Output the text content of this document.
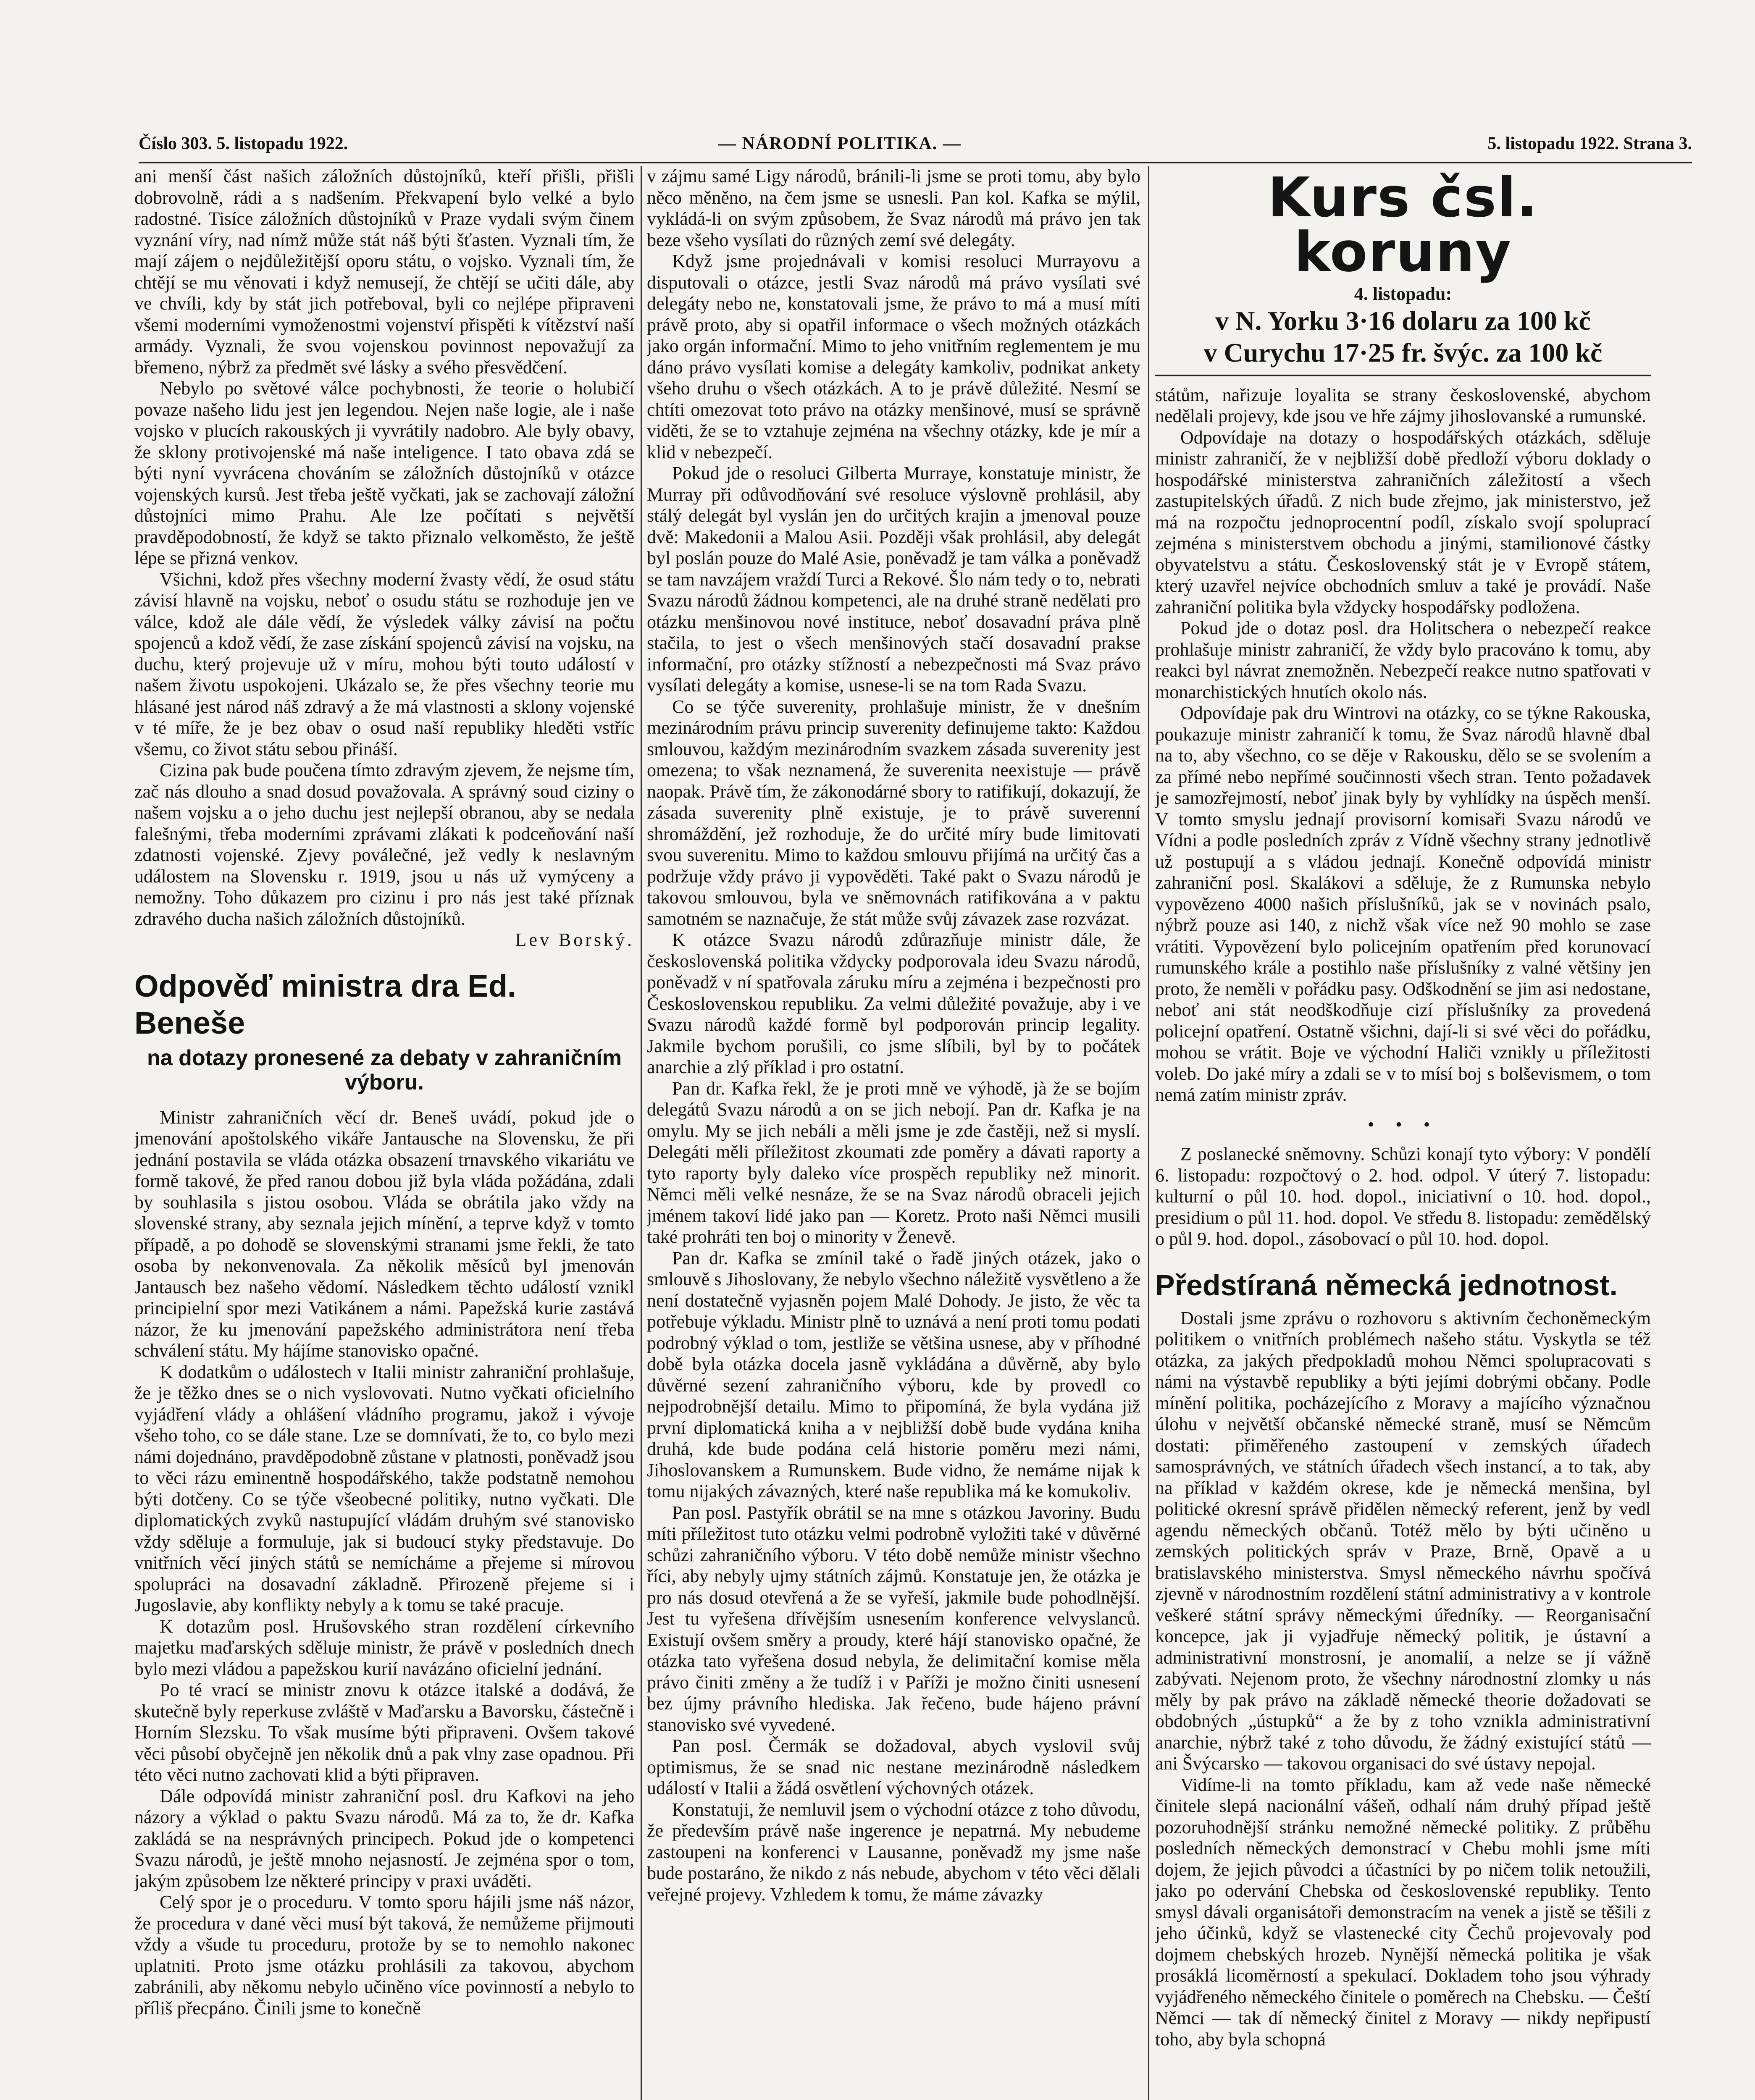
Číslo 303. 5. listopadu 1922.	— NÁRODNÍ POLITIKA. —	5. listopadu 1922. Strana 3.

ani menší část našich záložních důstojníků, kteří přišli, přišli dobrovolně, rádi a s nadšením. Překvapení bylo velké a bylo radostné. Tisíce záložních důstojníků v Praze vydali svým činem vyznání víry, nad nímž může stát náš býti šťasten. Vyznali tím, že mají zájem o nejdůležitější oporu státu, o vojsko. Vyznali tím, že chtějí se mu věnovati i když nemusejí, že chtějí se učiti dále, aby ve chvíli, kdy by stát jich potřeboval, byli co nejlépe připraveni všemi moderními vymoženostmi vojenství přispěti k vítězství naší armády. Vyznali, že svou vojenskou povinnost nepovažují za břemeno, nýbrž za předmět své lásky a svého přesvědčení.

Nebylo po světové válce pochybnosti, že teorie o holubičí povaze našeho lidu jest jen legendou. Nejen naše logie, ale i naše vojsko v plucích rakouských ji vyvrátily nadobro. Ale byly obavy, že sklony protivojenské má naše inteligence. I tato obava zdá se býti nyní vyvrácena chováním se záložních důstojníků v otázce vojenských kursů. Jest třeba ještě vyčkati, jak se zachovají záložní důstojníci mimo Prahu. Ale lze počítati s největší pravděpodobností, že když se takto přiznalo velkoměsto, že ještě lépe se přizná venkov.

Všichni, kdož přes všechny moderní žvasty vědí, že osud státu závisí hlavně na vojsku, neboť o osudu státu se rozhoduje jen ve válce, kdož ale dále vědí, že výsledek války závisí na počtu spojenců a kdož vědí, že zase získání spojenců závisí na vojsku, na duchu, který projevuje už v míru, mohou býti touto událostí v našem životu uspokojeni. Ukázalo se, že přes všechny teorie mu hlásané jest národ náš zdravý a že má vlastnosti a sklony vojenské v té míře, že je bez obav o osud naší republiky hleděti vstříc všemu, co život státu sebou přináší.

Cizina pak bude poučena tímto zdravým zjevem, že nejsme tím, zač nás dlouho a snad dosud považovala. A správný soud ciziny o našem vojsku a o jeho duchu jest nejlepší obranou, aby se nedala falešnými, třeba moderními zprávami zlákati k podceňování naší zdatnosti vojenské. Zjevy poválečné, jež vedly k neslavným událostem na Slovensku r. 1919, jsou u nás už vymýceny a nemožny. Toho důkazem pro cizinu i pro nás jest také příznak zdravého ducha našich záložních důstojníků.

Lev Borský.
Odpověď ministra dra Ed. Beneše
na dotazy pronesené za debaty v zahraničním výboru.

Ministr zahraničních věcí dr. Beneš uvádí, pokud jde o jmenování apoštolského vikáře Jantausche na Slovensku, že při jednání postavila se vláda otázka obsazení trnavského vikariátu ve formě takové, že před ranou dobou již byla vláda požádána, zdali by souhlasila s jistou osobou. Vláda se obrátila jako vždy na slovenské strany, aby seznala jejich mínění, a teprve když v tomto případě, a po dohodě se slovenskými stranami jsme řekli, že tato osoba by nekonvenovala. Za několik měsíců byl jmenován Jantausch bez našeho vědomí. Následkem těchto událostí vznikl principielní spor mezi Vatikánem a námi. Papežská kurie zastává názor, že ku jmenování papežského administrátora není třeba schválení státu. My hájíme stanovisko opačné.

K dodatkům o událostech v Italii ministr zahraniční prohlašuje, že je těžko dnes se o nich vyslovovati. Nutno vyčkati oficielního vyjádření vlády a ohlášení vládního programu, jakož i vývoje všeho toho, co se dále stane. Lze se domnívati, že to, co bylo mezi námi dojednáno, pravděpodobně zůstane v platnosti, poněvadž jsou to věci rázu eminentně hospodářského, takže podstatně nemohou býti dotčeny. Co se týče všeobecné politiky, nutno vyčkati. Dle diplomatických zvyků nastupující vládám druhým své stanovisko vždy sděluje a formuluje, jak si budoucí styky představuje. Do vnitřních věcí jiných států se nemícháme a přejeme si mírovou spolupráci na dosavadní základně. Přirozeně přejeme si i Jugoslavie, aby konflikty nebyly a k tomu se také pracuje.

K dotazům posl. Hrušovského stran rozdělení církevního majetku maďarských sděluje ministr, že právě v posledních dnech bylo mezi vládou a papežskou kurií navázáno oficielní jednání.

Po té vrací se ministr znovu k otázce italské a dodává, že skutečně byly reperkuse zvláště v Maďarsku a Bavorsku, částečně i Horním Slezsku. To však musíme býti připraveni. Ovšem takové věci působí obyčejně jen několik dnů a pak vlny zase opadnou. Při této věci nutno zachovati klid a býti připraven.

Dále odpovídá ministr zahraniční posl. dru Kafkovi na jeho názory a výklad o paktu Svazu národů. Má za to, že dr. Kafka zakládá se na nesprávných principech. Pokud jde o kompetenci Svazu národů, je ještě mnoho nejasností. Je zejména spor o tom, jakým způsobem lze některé principy v praxi uváděti.

Celý spor je o proceduru. V tomto sporu hájili jsme náš názor, že procedura v dané věci musí být taková, že nemůžeme přijmouti vždy a všude tu proceduru, protože by se to nemohlo nakonec uplatniti. Proto jsme otázku prohlásili za takovou, abychom zabránili, aby někomu nebylo učiněno více povinností a nebylo to příliš přecpáno. Činili jsme to konečně

v zájmu samé Ligy národů, bránili-li jsme se proti tomu, aby bylo něco měněno, na čem jsme se usnesli. Pan kol. Kafka se mýlil, vykládá-li on svým způsobem, že Svaz národů má právo jen tak beze všeho vysílati do různých zemí své delegáty.

Když jsme projednávali v komisi resoluci Murrayovu a disputovali o otázce, jestli Svaz národů má právo vysílati své delegáty nebo ne, konstatovali jsme, že právo to má a musí míti právě proto, aby si opatřil informace o všech možných otázkách jako orgán informační. Mimo to jeho vnitřním reglementem je mu dáno právo vysílati komise a delegáty kamkoliv, podnikat ankety všeho druhu o všech otázkách. A to je právě důležité. Nesmí se chtíti omezovat toto právo na otázky menšinové, musí se správně viděti, že se to vztahuje zejména na všechny otázky, kde je mír a klid v nebezpečí.

Pokud jde o resoluci Gilberta Murraye, konstatuje ministr, že Murray při odůvodňování své resoluce výslovně prohlásil, aby stálý delegát byl vyslán jen do určitých krajin a jmenoval pouze dvě: Makedonii a Malou Asii. Později však prohlásil, aby delegát byl poslán pouze do Malé Asie, poněvadž je tam válka a poněvadž se tam navzájem vraždí Turci a Rekové. Šlo nám tedy o to, nebrati Svazu národů žádnou kompetenci, ale na druhé straně nedělati pro otázku menšinovou nové instituce, neboť dosavadní práva plně stačila, to jest o všech menšinových stačí dosavadní prakse informační, pro otázky stížností a nebezpečnosti má Svaz právo vysílati delegáty a komise, usnese-li se na tom Rada Svazu.

Co se týče suverenity, prohlašuje ministr, že v dnešním mezinárodním právu princip suverenity definujeme takto: Každou smlouvou, každým mezinárodním svazkem zásada suverenity jest omezena; to však neznamená, že suverenita neexistuje — právě naopak. Právě tím, že zákonodárné sbory to ratifikují, dokazují, že zásada suverenity plně existuje, je to právě suverenní shromáždění, jež rozhoduje, že do určité míry bude limitovati svou suverenitu. Mimo to každou smlouvu přijímá na určitý čas a podržuje vždy právo ji vypověděti. Také pakt o Svazu národů je takovou smlouvou, byla ve sněmovnách ratifikována a v paktu samotném se naznačuje, že stát může svůj závazek zase rozvázat.

K otázce Svazu národů zdůrazňuje ministr dále, že československá politika vždycky podporovala ideu Svazu národů, poněvadž v ní spatřovala záruku míru a zejména i bezpečnosti pro Československou republiku. Za velmi důležité považuje, aby i ve Svazu národů každé formě byl podporován princip legality. Jakmile bychom porušili, co jsme slíbili, byl by to počátek anarchie a zlý příklad i pro ostatní.

Pan dr. Kafka řekl, že je proti mně ve výhodě, jà že se bojím delegátů Svazu národů a on se jich nebojí. Pan dr. Kafka je na omylu. My se jich nebáli a měli jsme je zde častěji, než si myslí. Delegáti měli příležitost zkoumati zde poměry a dávati raporty a tyto raporty byly daleko více prospěch republiky než minorit. Němci měli velké nesnáze, že se na Svaz národů obraceli jejich jménem takoví lidé jako pan — Koretz. Proto naši Němci musili také prohráti ten boj o minority v Ženevě.

Pan dr. Kafka se zmínil také o řadě jiných otázek, jako o smlouvě s Jihoslovany, že nebylo všechno náležitě vysvětleno a že není dostatečně vyjasněn pojem Malé Dohody. Je jisto, že věc ta potřebuje výkladu. Ministr plně to uznává a není proti tomu podati podrobný výklad o tom, jestliže se většina usnese, aby v příhodné době byla otázka docela jasně vykládána a důvěrně, aby bylo důvěrné sezení zahraničního výboru, kde by provedl co nejpodrobnější detailu. Mimo to připomíná, že byla vydána již první diplomatická kniha a v nejbližší době bude vydána kniha druhá, kde bude podána celá historie poměru mezi námi, Jihoslovanskem a Rumunskem. Bude vidno, že nemáme nijak k tomu nijakých závazných, které naše republika má ke komukoliv.

Pan posl. Pastyřík obrátil se na mne s otázkou Javoriny. Budu míti příležitost tuto otázku velmi podrobně vyložiti také v důvěrné schůzi zahraničního výboru. V této době nemůže ministr všechno říci, aby nebyly ujmy státních zájmů. Konstatuje jen, že otázka je pro nás dosud otevřená a že se vyřeší, jakmile bude pohodlnější. Jest tu vyřešena dřívějším usnesením konference velvyslanců. Existují ovšem směry a proudy, které hájí stanovisko opačné, že otázka tato vyřešena dosud nebyla, že delimitační komise měla právo činiti změny a že tudíž i v Paříži je možno činiti usnesení bez újmy právního hlediska. Jak řečeno, bude hájeno právní stanovisko své vyvedené.

Pan posl. Čermák se dožadoval, abych vyslovil svůj optimismus, že se snad nic nestane mezinárodně následkem událostí v Italii a žádá osvětlení výchovných otázek.

Konstatuji, že nemluvil jsem o východní otázce z toho důvodu, že především právě naše ingerence je nepatrná. My nebudeme zastoupeni na konferenci v Lausanne, poněvadž my jsme naše bude postaráno, že nikdo z nás nebude, abychom v této věci dělali veřejné projevy. Vzhledem k tomu, že máme závazky

Kurs čsl. koruny
4. listopadu:
v N. Yorku 3·16 dolaru za 100 kč
v Curychu 17·25 fr. švýc. za 100 kč

státům, nařizuje loyalita se strany československé, abychom nedělali projevy, kde jsou ve hře zájmy jihoslovanské a rumunské.

Odpovídaje na dotazy o hospodářských otázkách, sděluje ministr zahraničí, že v nejbližší době předloží výboru doklady o hospodářské ministerstva zahraničních záležitostí a všech zastupitelských úřadů. Z nich bude zřejmo, jak ministerstvo, jež má na rozpočtu jednoprocentní podíl, získalo svojí spoluprací zejména s ministerstvem obchodu a jinými, stamilionové částky obyvatelstvu a státu. Československý stát je v Evropě státem, který uzavřel nejvíce obchodních smluv a také je provádí. Naše zahraniční politika byla vždycky hospodářsky podložena.

Pokud jde o dotaz posl. dra Holitschera o nebezpečí reakce prohlašuje ministr zahraničí, že vždy bylo pracováno k tomu, aby reakci byl návrat znemožněn. Nebezpečí reakce nutno spatřovati v monarchistických hnutích okolo nás.

Odpovídaje pak dru Wintrovi na otázky, co se týkne Rakouska, poukazuje ministr zahraničí k tomu, že Svaz národů hlavně dbal na to, aby všechno, co se děje v Rakousku, dělo se se svolením a za přímé nebo nepřímé součinnosti všech stran. Tento požadavek je samozřejmostí, neboť jinak byly by vyhlídky na úspěch menší. V tomto smyslu jednají provisorní komisaři Svazu národů ve Vídni a podle posledních zpráv z Vídně všechny strany jednotlivě už postupují a s vládou jednají. Konečně odpovídá ministr zahraniční posl. Skalákovi a sděluje, že z Rumunska nebylo vypovězeno 4000 našich příslušníků, jak se v novinách psalo, nýbrž pouze asi 140, z nichž však více než 90 mohlo se zase vrátiti. Vypovězení bylo policejním opatřením před korunovací rumunského krále a postihlo naše příslušníky z valné většiny jen proto, že neměli v pořádku pasy. Odškodnění se jim asi nedostane, neboť ani stát neodškodňuje cizí příslušníky za provedená policejní opatření. Ostatně všichni, dají-li si své věci do pořádku, mohou se vrátit. Boje ve východní Haliči vznikly u příležitosti voleb. Do jaké míry a zdali se v to mísí boj s bolševismem, o tom nemá zatím ministr zpráv.

• • •

Z poslanecké sněmovny. Schůzi konají tyto výbory: V pondělí 6. listopadu: rozpočtový o 2. hod. odpol. V úterý 7. listopadu: kulturní o půl 10. hod. dopol., iniciativní o 10. hod. dopol., presidium o půl 11. hod. dopol. Ve středu 8. listopadu: zemědělský o půl 9. hod. dopol., zásobovací o půl 10. hod. dopol.

Předstíraná německá jednotnost.

Dostali jsme zprávu o rozhovoru s aktivním čechoněmeckým politikem o vnitřních problémech našeho státu. Vyskytla se též otázka, za jakých předpokladů mohou Němci spolupracovati s námi na výstavbě republiky a býti jejími dobrými občany. Podle mínění politika, pocházejícího z Moravy a majícího význačnou úlohu v největší občanské německé straně, musí se Němcům dostati: přiměřeného zastoupení v zemských úřadech samosprávných, ve státních úřadech všech instancí, a to tak, aby na příklad v každém okrese, kde je německá menšina, byl politické okresní správě přidělen německý referent, jenž by vedl agendu německých občanů. Totéž mělo by býti učiněno u zemských politických správ v Praze, Brně, Opavě a u bratislavského ministerstva. Smysl německého návrhu spočívá zjevně v národnostním rozdělení státní administrativy a v kontrole veškeré státní správy německými úředníky. — Reorganisační koncepce, jak ji vyjadřuje německý politik, je ústavní a administrativní monstrosní, je anomalií, a nelze se jí vážně zabývati. Nejenom proto, že všechny národnostní zlomky u nás měly by pak právo na základě německé theorie dožadovati se obdobných „ústupků“ a že by z toho vznikla administrativní anarchie, nýbrž také z toho důvodu, že žádný existující států — ani Švýcarsko — takovou organisaci do své ústavy nepojal.

Vidíme-li na tomto příkladu, kam až vede naše německé činitele slepá nacionální vášeň, odhalí nám druhý případ ještě pozoruhodnější stránku nemožné německé politiky. Z průběhu posledních německých demonstrací v Chebu mohli jsme míti dojem, že jejich původci a účastníci by po ničem tolik netoužili, jako po odervání Chebska od československé republiky. Tento smysl dávali organisátoři demonstracím na venek a jistě se těšili z jeho účinků, když se vlastenecké city Čechů projevovaly pod dojmem chebských hrozeb. Nynější německá politika je však prosáklá licoměrností a spekulací. Dokladem toho jsou výhrady vyjádřeného německého činitele o poměrech na Chebsku. — Čeští Němci — tak dí německý činitel z Moravy — nikdy nepřipustí toho, aby byla schopná
